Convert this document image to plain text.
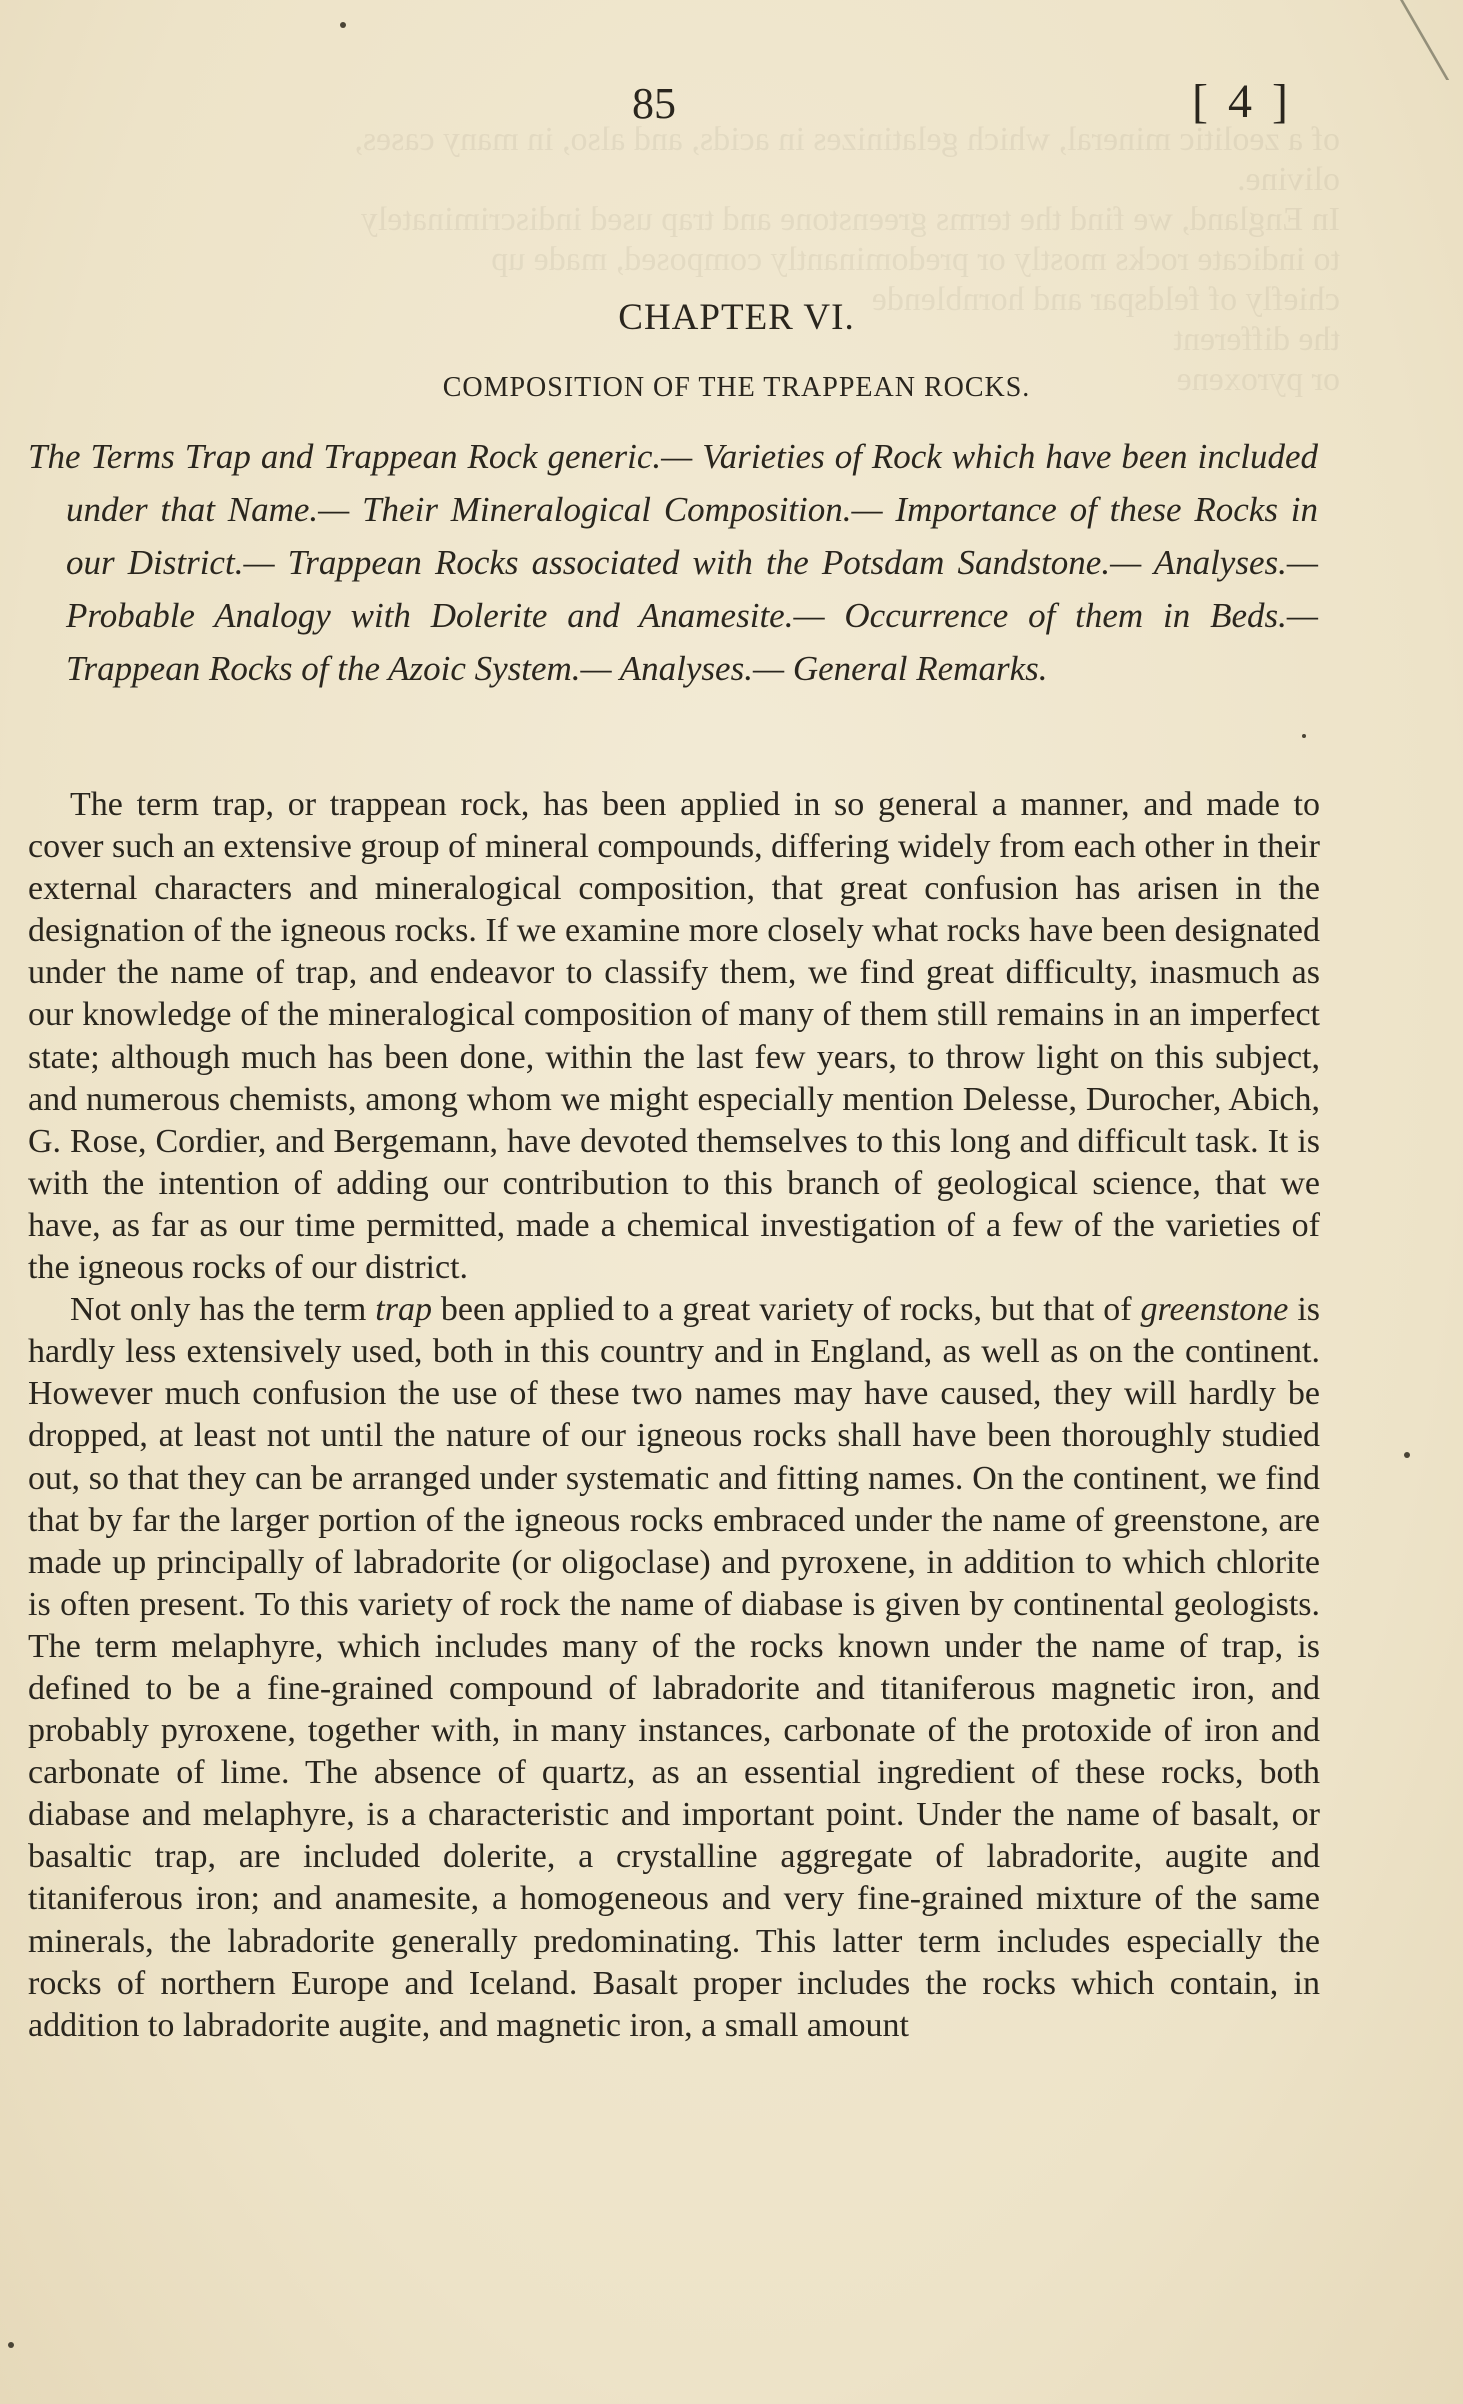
of a zeolitic mineral, which gelatinizes in acids, and also, in many cases,
olivine.
In England, we find the terms greenstone and trap used indiscriminately
to indicate rocks mostly or predominantly composed, made up
chiefly of feldspar and hornblende
the different
or pyroxene
85	[ 4 ]
CHAPTER VI.
COMPOSITION OF THE TRAPPEAN ROCKS.
The Terms Trap and Trappean Rock generic.— Varieties of Rock which have been included under that Name.— Their Mineralogical Composition.— Importance of these Rocks in our District.— Trappean Rocks associated with the Potsdam Sandstone.— Analyses.— Probable Analogy with Dolerite and Anamesite.— Occurrence of them in Beds.— Trappean Rocks of the Azoic System.— Analyses.— General Remarks.

The term trap, or trappean rock, has been applied in so general a manner, and made to cover such an extensive group of mineral compounds, differing widely from each other in their external characters and mineralogical composition, that great confusion has arisen in the designation of the igneous rocks. If we examine more closely what rocks have been designated under the name of trap, and endeavor to classify them, we find great difficulty, inasmuch as our knowledge of the mineralogical composition of many of them still remains in an imperfect state; although much has been done, within the last few years, to throw light on this subject, and numerous chemists, among whom we might especially mention Delesse, Durocher, Abich, G. Rose, Cordier, and Bergemann, have devoted themselves to this long and difficult task. It is with the intention of adding our contribution to this branch of geological science, that we have, as far as our time permitted, made a chemical investigation of a few of the varieties of the igneous rocks of our district.

Not only has the term trap been applied to a great variety of rocks, but that of greenstone is hardly less extensively used, both in this country and in England, as well as on the continent. However much confusion the use of these two names may have caused, they will hardly be dropped, at least not until the nature of our igneous rocks shall have been thoroughly studied out, so that they can be arranged under systematic and fitting names. On the continent, we find that by far the larger portion of the igneous rocks embraced under the name of greenstone, are made up principally of labradorite (or oligoclase) and pyroxene, in addition to which chlorite is often present. To this variety of rock the name of diabase is given by continental geologists. The term melaphyre, which includes many of the rocks known under the name of trap, is defined to be a fine-grained compound of labradorite and titaniferous magnetic iron, and probably pyroxene, together with, in many instances, carbonate of the protoxide of iron and carbonate of lime. The absence of quartz, as an essential ingredient of these rocks, both diabase and melaphyre, is a characteristic and important point. Under the name of basalt, or basaltic trap, are included dolerite, a crystalline aggregate of labradorite, augite and titaniferous iron; and anamesite, a homogeneous and very fine-grained mixture of the same minerals, the labradorite generally predominating. This latter term includes especially the rocks of northern Europe and Iceland. Basalt proper includes the rocks which contain, in addition to labradorite augite, and magnetic iron, a small amount
